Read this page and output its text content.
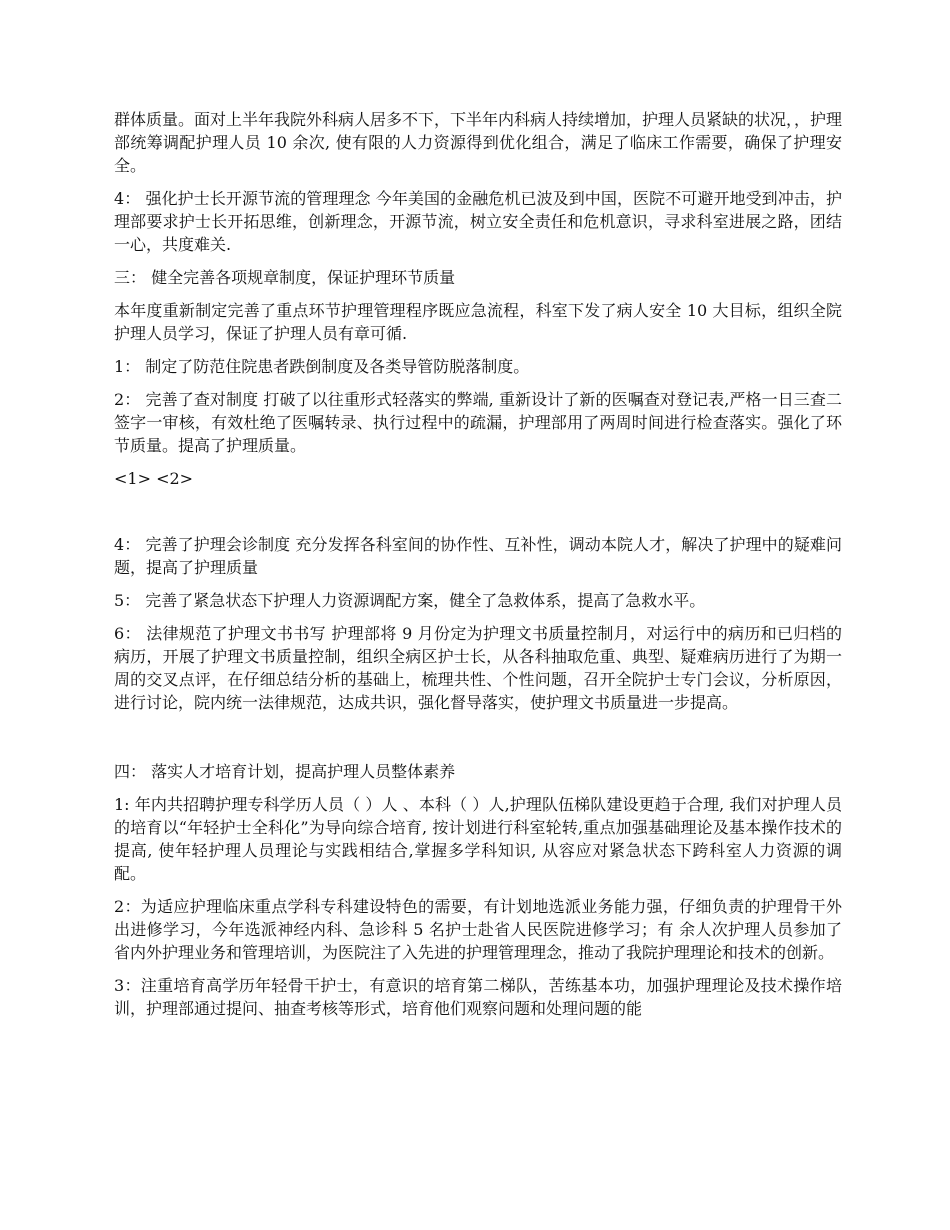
群体质量。面对上半年我院外科病人居多不下，下半年内科病人持续增加，护理人员紧缺的状况，，护理部统筹调配护理人员 10 余次, 使有限的人力资源得到优化组合，满足了临床工作需要，确保了护理安全。

4： 强化护士长开源节流的管理理念 今年美国的金融危机已波及到中国，医院不可避开地受到冲击，护理部要求护士长开拓思维，创新理念，开源节流，树立安全责任和危机意识，寻求科室进展之路，团结一心，共度难关.

三： 健全完善各项规章制度，保证护理环节质量

本年度重新制定完善了重点环节护理管理程序既应急流程，科室下发了病人安全 10 大目标，组织全院护理人员学习，保证了护理人员有章可循.

1： 制定了防范住院患者跌倒制度及各类导管防脱落制度。

2： 完善了查对制度 打破了以往重形式轻落实的弊端, 重新设计了新的医嘱查对登记表,严格一日三查二签字一审核，有效杜绝了医嘱转录、执行过程中的疏漏，护理部用了两周时间进行检查落实。强化了环节质量。提高了护理质量。

<1> <2>

4： 完善了护理会诊制度 充分发挥各科室间的协作性、互补性，调动本院人才，解决了护理中的疑难问题，提高了护理质量

5： 完善了紧急状态下护理人力资源调配方案，健全了急救体系，提高了急救水平。

6： 法律规范了护理文书书写 护理部将 9 月份定为护理文书质量控制月，对运行中的病历和已归档的病历，开展了护理文书质量控制，组织全病区护士长，从各科抽取危重、典型、疑难病历进行了为期一周的交叉点评，在仔细总结分析的基础上，梳理共性、个性问题，召开全院护士专门会议，分析原因，进行讨论，院内统一法律规范，达成共识，强化督导落实，使护理文书质量进一步提高。

四： 落实人才培育计划，提高护理人员整体素养

1: 年内共招聘护理专科学历人员（ ）人 、本科（ ）人,护理队伍梯队建设更趋于合理, 我们对护理人员的培育以“年轻护士全科化”为导向综合培育, 按计划进行科室轮转,重点加强基础理论及基本操作技术的提高, 使年轻护理人员理论与实践相结合,掌握多学科知识, 从容应对紧急状态下跨科室人力资源的调配。

2：为适应护理临床重点学科专科建设特色的需要，有计划地选派业务能力强，仔细负责的护理骨干外出进修学习，今年选派神经内科、急诊科 5 名护士赴省人民医院进修学习；有 余人次护理人员参加了省内外护理业务和管理培训，为医院注了入先进的护理管理理念，推动了我院护理理论和技术的创新。

3：注重培育高学历年轻骨干护士，有意识的培育第二梯队，苦练基本功，加强护理理论及技术操作培训，护理部通过提问、抽查考核等形式，培育他们观察问题和处理问题的能
